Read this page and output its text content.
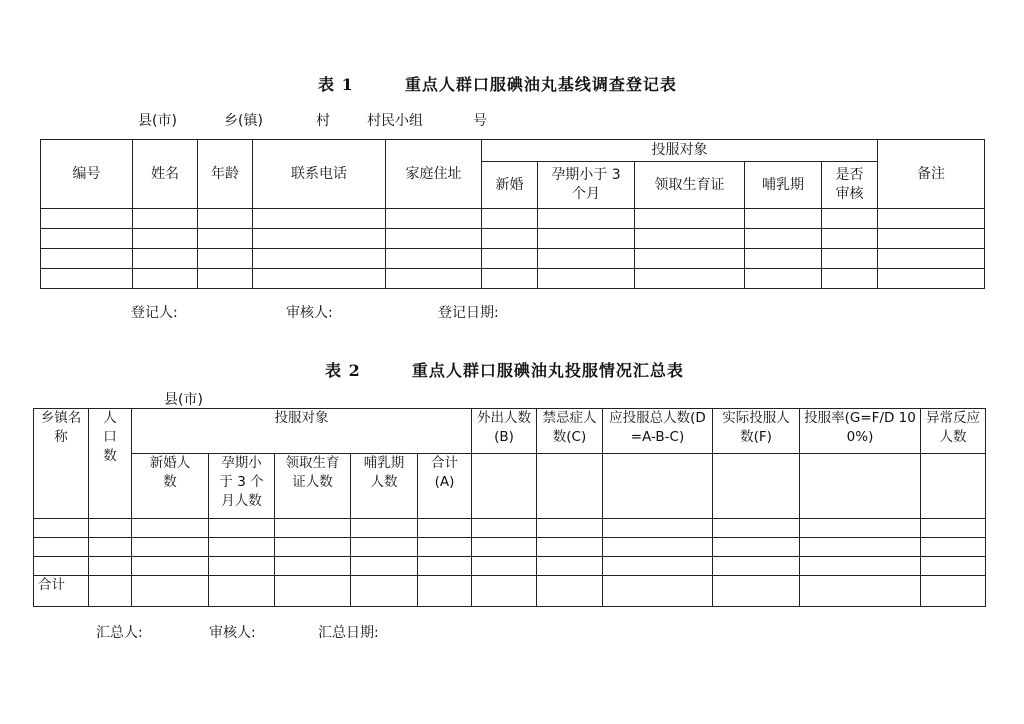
表 1	重点人群口服碘油丸基线调查登记表
县(市)	乡(镇)	村	村民小组	号
编号	姓名	年龄	联系电话	家庭住址	投服对象					备注
					新婚	孕期小于 3 个月	领取生育证	哺乳期	是否审核	

登记人:	审核人:	登记日期:
表 2	重点人群口服碘油丸投服情况汇总表
县(市)
乡镇名称	人口数	投服对象					外出人数(B)	禁忌症人数(C)	应投服总人数(D=A-B-C)	实际投服人数(F)	投服率(G=F/D 100%)	异常反应人数
		新婚人数	孕期小于 3 个月人数	领取生育证人数	哺乳期人数	合计(A)						

合计												
汇总人:	审核人:	汇总日期:
